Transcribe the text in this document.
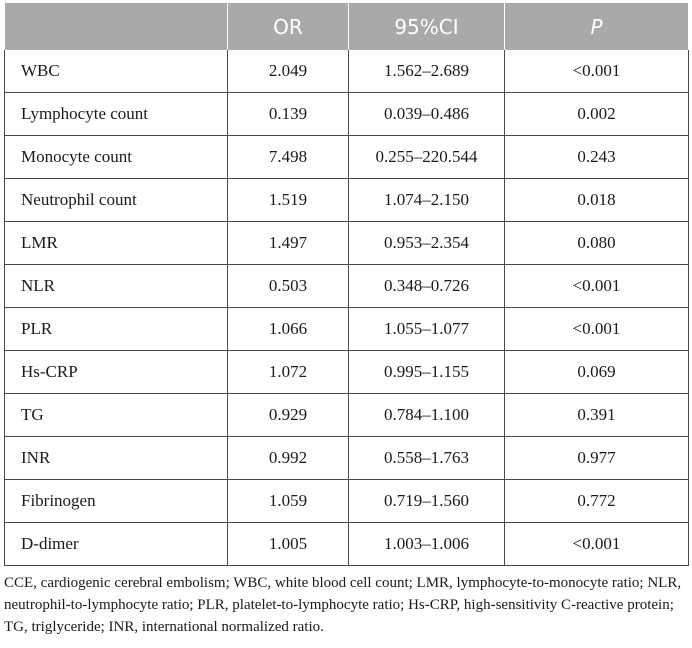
	OR	95%CI	P
WBC	2.049	1.562–2.689	<0.001
Lymphocyte count	0.139	0.039–0.486	0.002
Monocyte count	7.498	0.255–220.544	0.243
Neutrophil count	1.519	1.074–2.150	0.018
LMR	1.497	0.953–2.354	0.080
NLR	0.503	0.348–0.726	<0.001
PLR	1.066	1.055–1.077	<0.001
Hs-CRP	1.072	0.995–1.155	0.069
TG	0.929	0.784–1.100	0.391
INR	0.992	0.558–1.763	0.977
Fibrinogen	1.059	0.719–1.560	0.772
D-dimer	1.005	1.003–1.006	<0.001

CCE, cardiogenic cerebral embolism; WBC, white blood cell count; LMR, lymphocyte-to-monocyte ratio; NLR, neutrophil-to-lymphocyte ratio; PLR, platelet-to-lymphocyte ratio; Hs-CRP, high-sensitivity C-reactive protein; TG, triglyceride; INR, international normalized ratio.
